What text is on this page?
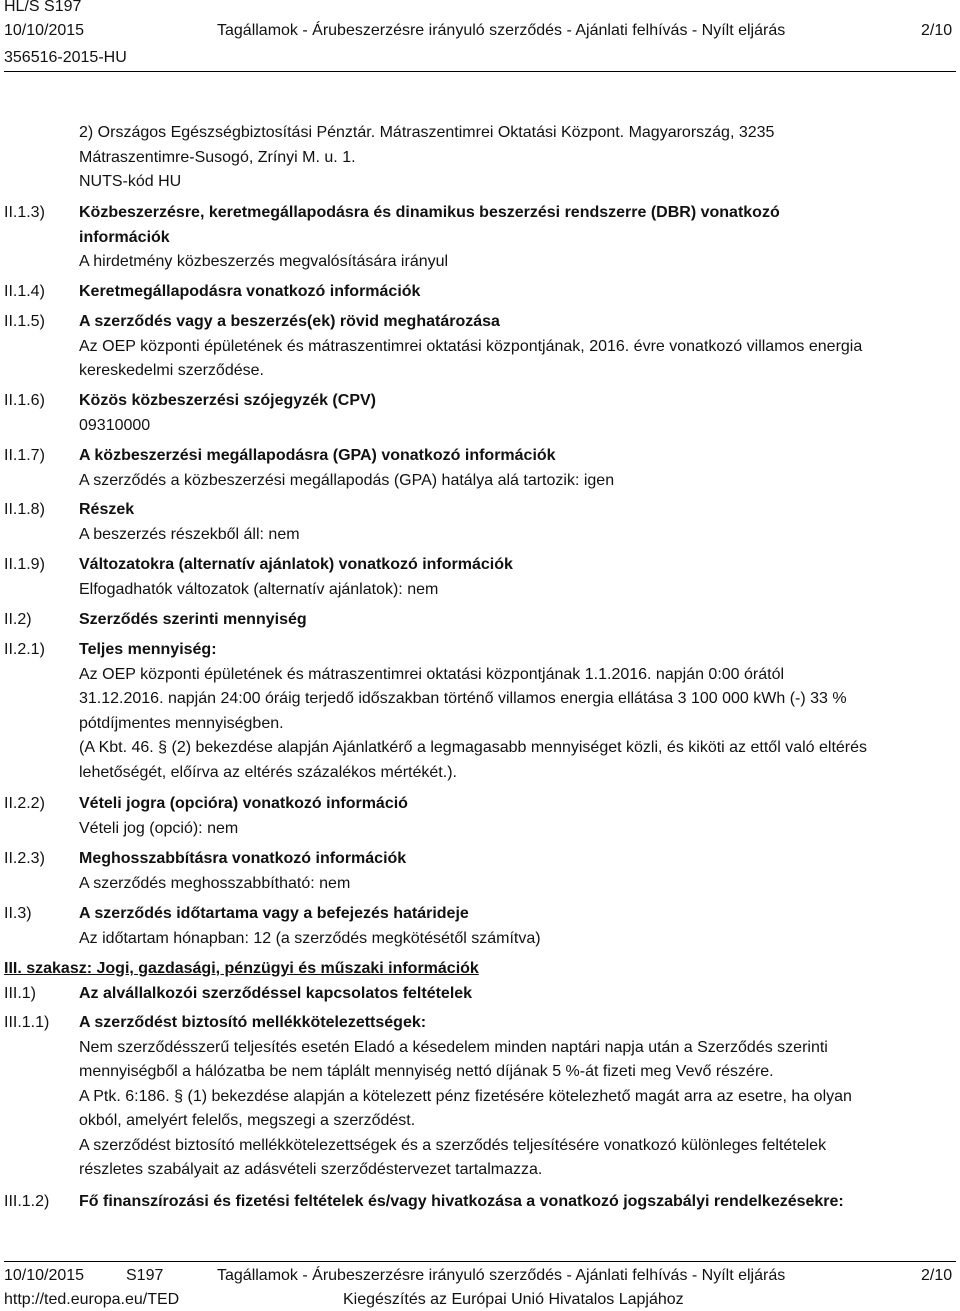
HL/S S197
10/10/2015	Tagállamok - Árubeszerzésre irányuló szerződés - Ajánlati felhívás - Nyílt eljárás	2/10
356516-2015-HU

2) Országos Egészségbiztosítási Pénztár. Mátraszentimrei Oktatási Központ. Magyarország, 3235

Mátraszentimre-Susogó, Zrínyi M. u. 1.

NUTS-kód HU

II.1.3) Közbeszerzésre, keretmegállapodásra és dinamikus beszerzési rendszerre (DBR) vonatkozó

információk

A hirdetmény közbeszerzés megvalósítására irányul

II.1.4) Keretmegállapodásra vonatkozó információk

II.1.5) A szerződés vagy a beszerzés(ek) rövid meghatározása

Az OEP központi épületének és mátraszentimrei oktatási központjának, 2016. évre vonatkozó villamos energia

kereskedelmi szerződése.

II.1.6) Közös közbeszerzési szójegyzék (CPV)

09310000

II.1.7) A közbeszerzési megállapodásra (GPA) vonatkozó információk

A szerződés a közbeszerzési megállapodás (GPA) hatálya alá tartozik: igen

II.1.8) Részek

A beszerzés részekből áll: nem

II.1.9) Változatokra (alternatív ajánlatok) vonatkozó információk

Elfogadhatók változatok (alternatív ajánlatok): nem

II.2)	Szerződés szerinti mennyiség

II.2.1) Teljes mennyiség:

Az OEP központi épületének és mátraszentimrei oktatási központjának 1.1.2016. napján 0:00 órától

31.12.2016. napján 24:00 óráig terjedő időszakban történő villamos energia ellátása 3 100 000 kWh (-) 33 %

pótdíjmentes mennyiségben.

(A Kbt. 46. § (2) bekezdése alapján Ajánlatkérő a legmagasabb mennyiséget közli, és kiköti az ettől való eltérés

lehetőségét, előírva az eltérés százalékos mértékét.).

II.2.2) Vételi jogra (opcióra) vonatkozó információ

Vételi jog (opció): nem

II.2.3) Meghosszabbításra vonatkozó információk

A szerződés meghosszabbítható: nem

II.3)	A szerződés időtartama vagy a befejezés határideje

Az időtartam hónapban: 12 (a szerződés megkötésétől számítva)

III. szakasz: Jogi, gazdasági, pénzügyi és műszaki információk
III.1)	Az alvállalkozói szerződéssel kapcsolatos feltételek

III.1.1) A szerződést biztosító mellékkötelezettségek:

Nem szerződésszerű teljesítés esetén Eladó a késedelem minden naptári napja után a Szerződés szerinti

mennyiségből a hálózatba be nem táplált mennyiség nettó díjának 5 %-át fizeti meg Vevő részére.

A Ptk. 6:186. § (1) bekezdése alapján a kötelezett pénz fizetésére kötelezhető magát arra az esetre, ha olyan

okból, amelyért felelős, megszegi a szerződést.

A szerződést biztosító mellékkötelezettségek és a szerződés teljesítésére vonatkozó különleges feltételek

részletes szabályait az adásvételi szerződéstervezet tartalmazza.

III.1.2) Fő finanszírozási és fizetési feltételek és/vagy hivatkozása a vonatkozó jogszabályi rendelkezésekre:

10/10/2015	S197	Tagállamok - Árubeszerzésre irányuló szerződés - Ajánlati felhívás - Nyílt eljárás	2/10
http://ted.europa.eu/TED	Kiegészítés az Európai Unió Hivatalos Lapjához
